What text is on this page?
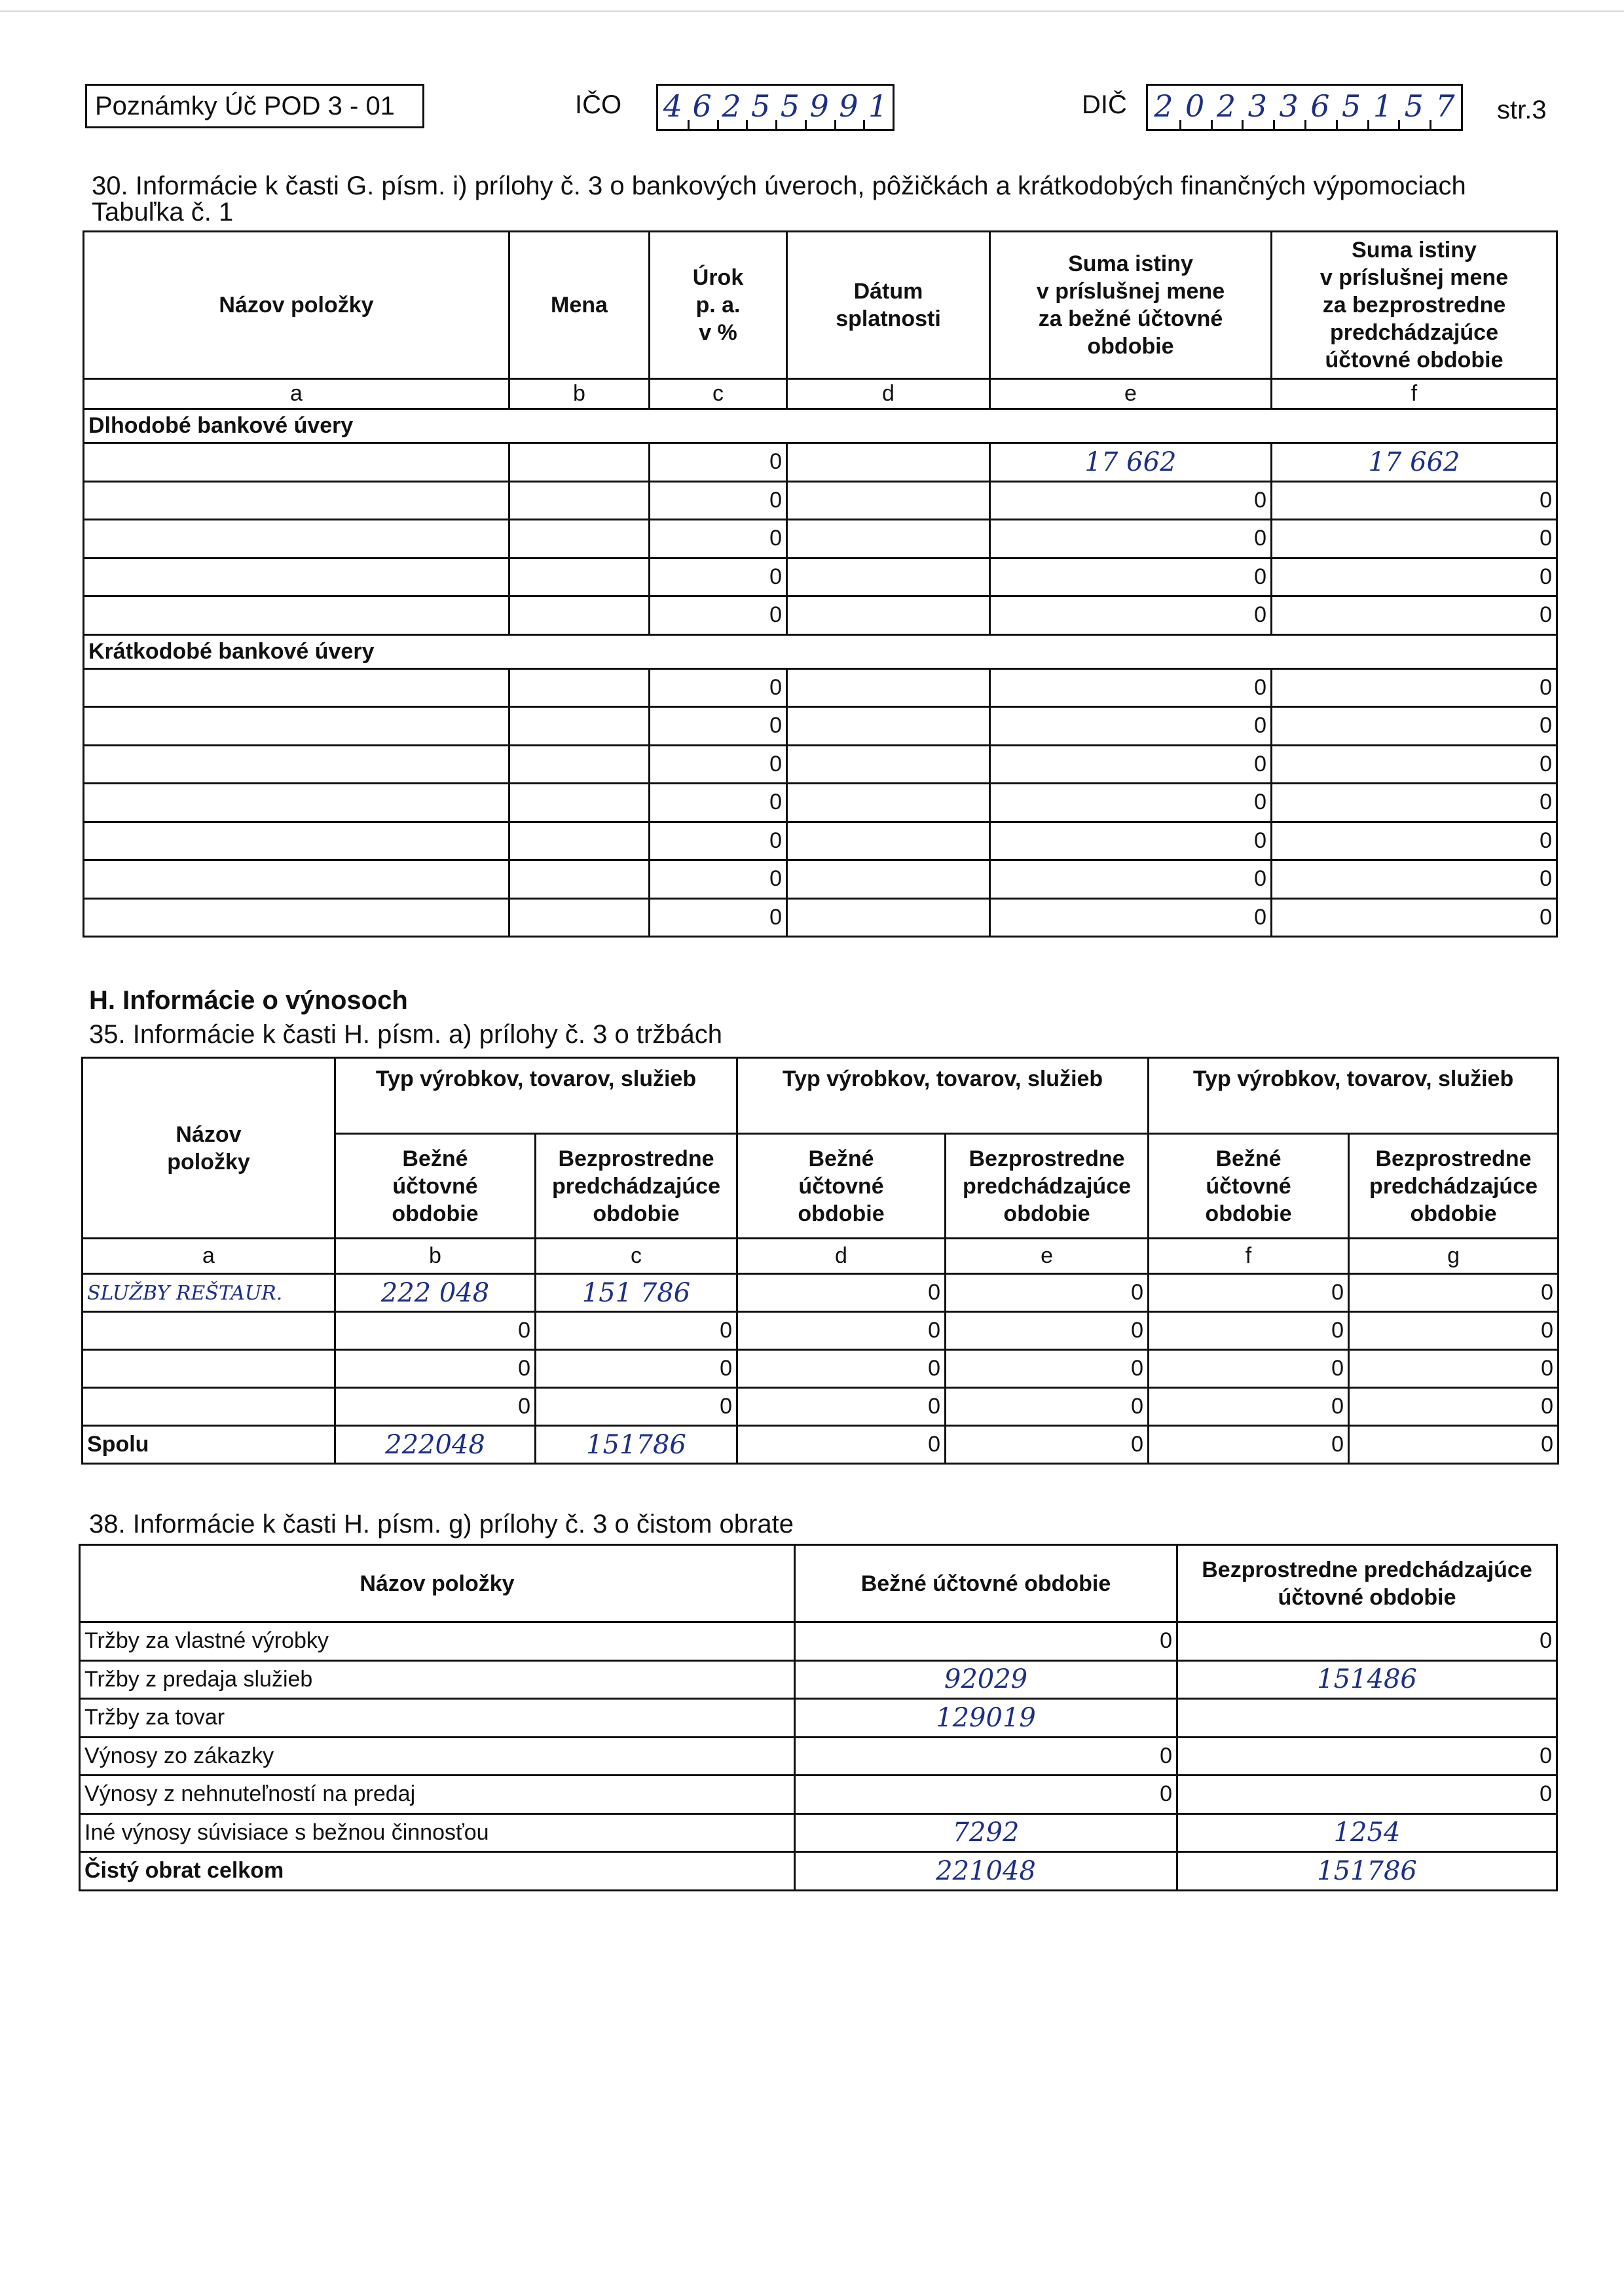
Poznámky Úč POD 3 - 01	IČO 4 6 2 5 5 9 9 1	DIČ 2 0 2 3 3 6 5 1 5 7 str.3
30. Informácie k časti G. písm. i) prílohy č. 3 o bankových úveroch, pôžičkách a krátkodobých finančných výpomociach
Tabuľka č. 1
Názov položky	Mena	Úrok
p. a.
v %	Dátum
splatnosti	Suma istiny
v príslušnej mene
za bežné účtovné
obdobie	Suma istiny
v príslušnej mene
za bezprostredne
predchádzajúce
účtovné obdobie
a	b	c	d	e	f
Dlhodobé bankové úvery					
		0		17 662	17 662
		0		0	0
		0		0	0
		0		0	0
		0		0	0
Krátkodobé bankové úvery					
		0		0	0
		0		0	0
		0		0	0
		0		0	0
		0		0	0
		0		0	0
		0		0	0
H. Informácie o výnosoch
35. Informácie k časti H. písm. a) prílohy č. 3 o tržbách
Názov
položky	Typ výrobkov, tovarov, služieb		Typ výrobkov, tovarov, služieb		Typ výrobkov, tovarov, služieb	
	Bežné
účtovné
obdobie	Bezprostredne
predchádzajúce
obdobie	Bežné
účtovné
obdobie	Bezprostredne
predchádzajúce
obdobie	Bežné
účtovné
obdobie	Bezprostredne
predchádzajúce
obdobie
a	b	c	d	e	f	g
SLUŽBY REŠTAUR.	222 048	151 786	0	0	0	0
	0	0	0	0	0	0
	0	0	0	0	0	0
	0	0	0	0	0	0
Spolu	222048	151786	0	0	0	0
38. Informácie k časti H. písm. g) prílohy č. 3 o čistom obrate
Názov položky	Bežné účtovné obdobie	Bezprostredne predchádzajúce
účtovné obdobie
Tržby za vlastné výrobky	0	0
Tržby z predaja služieb	92029	151486
Tržby za tovar	129019	
Výnosy zo zákazky	0	0
Výnosy z nehnuteľností na predaj	0	0
Iné výnosy súvisiace s bežnou činnosťou	7292	1254
Čistý obrat celkom	221048	151786
